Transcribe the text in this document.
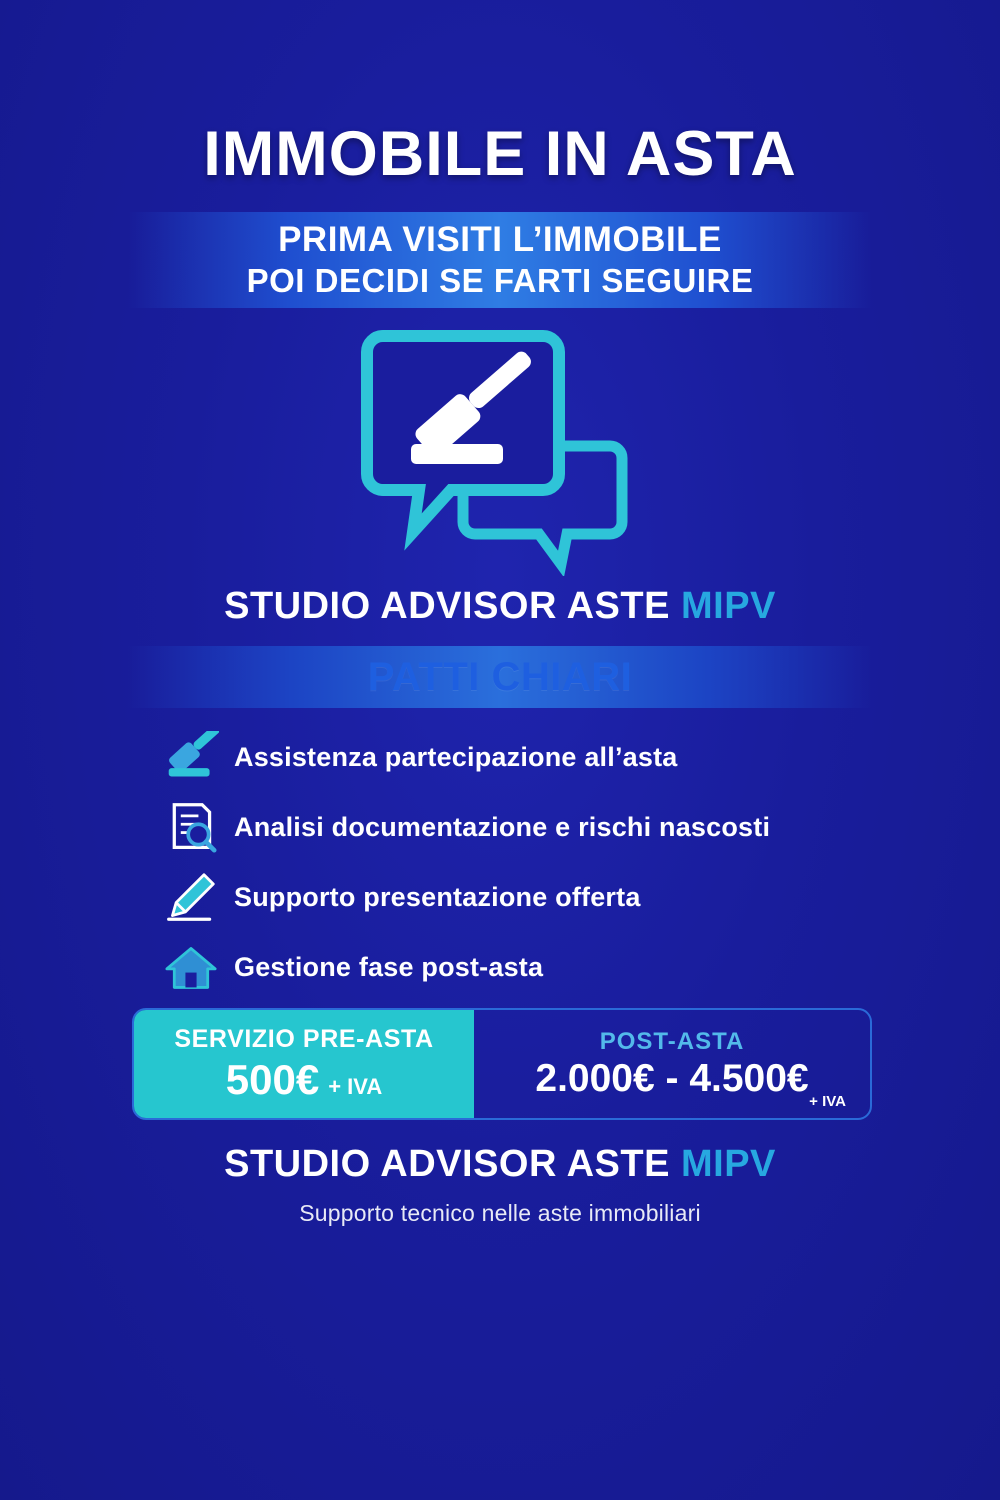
IMMOBILE IN ASTA
PRIMA VISITI L’IMMOBILE
POI DECIDI SE FARTI SEGUIRE
STUDIO ADVISOR ASTE MIPV
PATTI CHIARI
Assistenza partecipazione all’asta
Analisi documentazione e rischi nascosti
Supporto presentazione offerta
Gestione fase post-asta
SERVIZIO PRE-ASTA
500€ + IVA
POST-ASTA
2.000€ - 4.500€
+ IVA
STUDIO ADVISOR ASTE MIPV
Supporto tecnico nelle aste immobiliari
